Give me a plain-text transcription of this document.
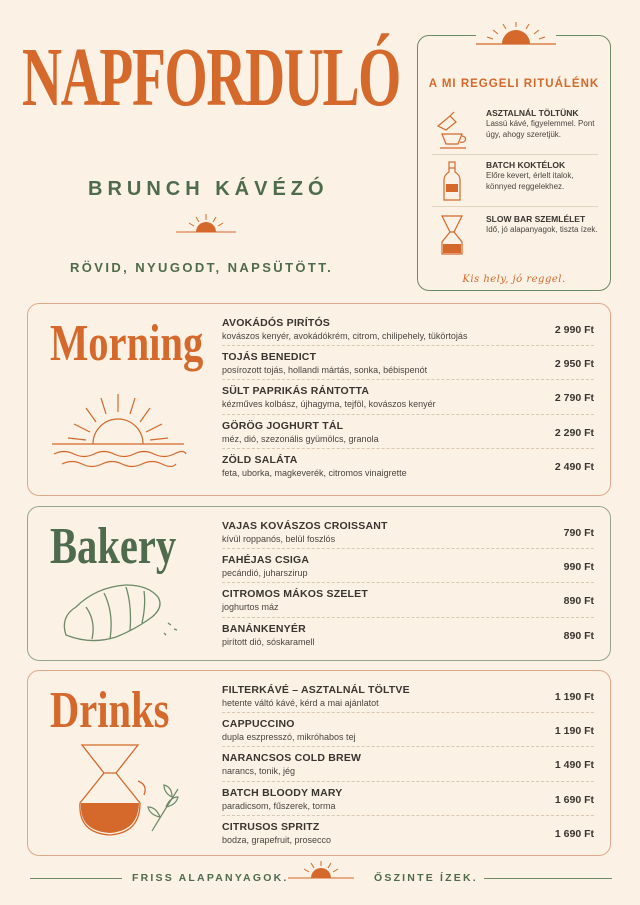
NAPFORDULÓ
BRUNCH KÁVÉZÓ
RÖVID, NYUGODT, NAPSÜTÖTT.
A MI REGGELI RITUÁLÉNK
ASZTALNÁL TÖLTÜNK
Lassú kávé, figyelemmel. Pont úgy, ahogy szeretjük.
BATCH KOKTÉLOK
Előre kevert, érlelt italok, könnyed reggelekhez.
SLOW BAR SZEMLÉLET
Idő, jó alapanyagok, tiszta ízek.
Kis hely, jó reggel.
Morning AVOKÁDÓS PIRÍTÓS
kovászos kenyér, avokádókrém, citrom, chilipehely, tükörtojás	2 990 Ft
TOJÁS BENEDICT
posírozott tojás, hollandi mártás, sonka, bébispenót	2 950 Ft
SÜLT PAPRIKÁS RÁNTOTTA
kézműves kolbász, újhagyma, tejföl, kovászos kenyér	2 790 Ft
GÖRÖG JOGHURT TÁL
méz, dió, szezonális gyümölcs, granola	2 290 Ft
ZÖLD SALÁTA
feta, uborka, magkeverék, citromos vinaigrette	2 490 Ft
Bakery	VAJAS KOVÁSZOS CROISSANT
kívül roppanós, belül foszlós	790 Ft
FAHÉJAS CSIGA
pecándió, juharszirup	990 Ft
CITROMOS MÁKOS SZELET
joghurtos máz	890 Ft
BANÁNKENYÉR
pirított dió, sóskaramell	890 Ft
Drinks	FILTERKÁVÉ – ASZTALNÁL TÖLTVE
hetente váltó kávé, kérd a mai ajánlatot	1 190 Ft
CAPPUCCINO
dupla eszpresszó, mikróhabos tej	1 190 Ft
NARANCSOS COLD BREW
narancs, tonik, jég	1 490 Ft
BATCH BLOODY MARY
paradicsom, fűszerek, torma	1 690 Ft
CITRUSOS SPRITZ
bodza, grapefruit, prosecco	1 690 Ft
FRISS ALAPANYAGOK.	ŐSZINTE ÍZEK.
